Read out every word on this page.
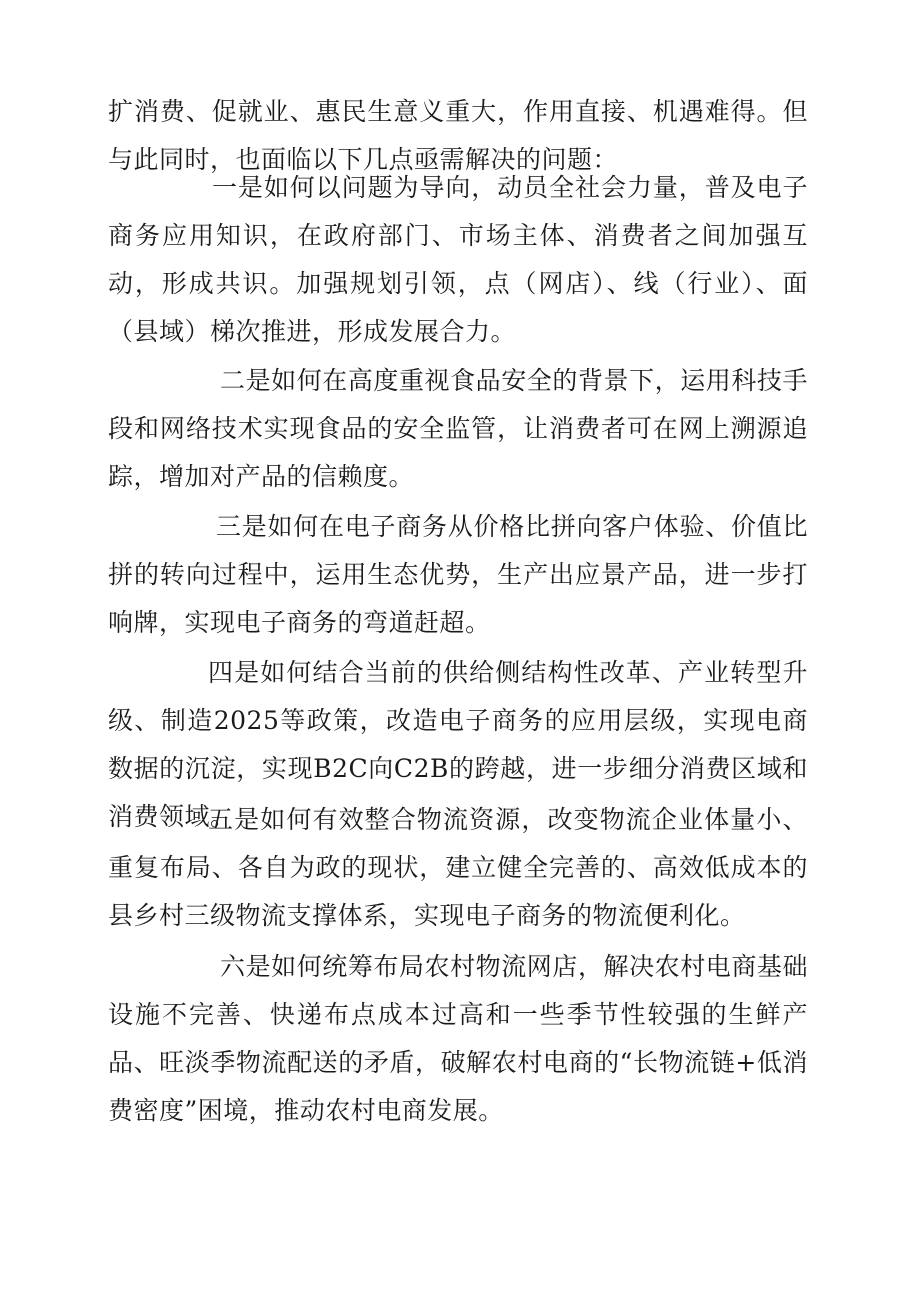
扩消费、促就业、惠民生意义重大，作用直接、机遇难得。但与此同时，也面临以下几点亟需解决的问题：

一是如何以问题为导向，动员全社会力量，普及电子商务应用知识，在政府部门、市场主体、消费者之间加强互动，形成共识。加强规划引领，点（网店）、线（行业）、面（县域）梯次推进，形成发展合力。

二是如何在高度重视食品安全的背景下，运用科技手段和网络技术实现食品的安全监管，让消费者可在网上溯源追踪，增加对产品的信赖度。

三是如何在电子商务从价格比拼向客户体验、价值比拼的转向过程中，运用生态优势，生产出应景产品，进一步打响牌，实现电子商务的弯道赶超。

四是如何结合当前的供给侧结构性改革、产业转型升级、制造2025等政策，改造电子商务的应用层级，实现电商数据的沉淀，实现B2C向C2B的跨越，进一步细分消费区域和消费领域。

五是如何有效整合物流资源，改变物流企业体量小、重复布局、各自为政的现状，建立健全完善的、高效低成本的县乡村三级物流支撑体系，实现电子商务的物流便利化。

六是如何统筹布局农村物流网店，解决农村电商基础设施不完善、快递布点成本过高和一些季节性较强的生鲜产品、旺淡季物流配送的矛盾，破解农村电商的“长物流链+低消费密度”困境，推动农村电商发展。
